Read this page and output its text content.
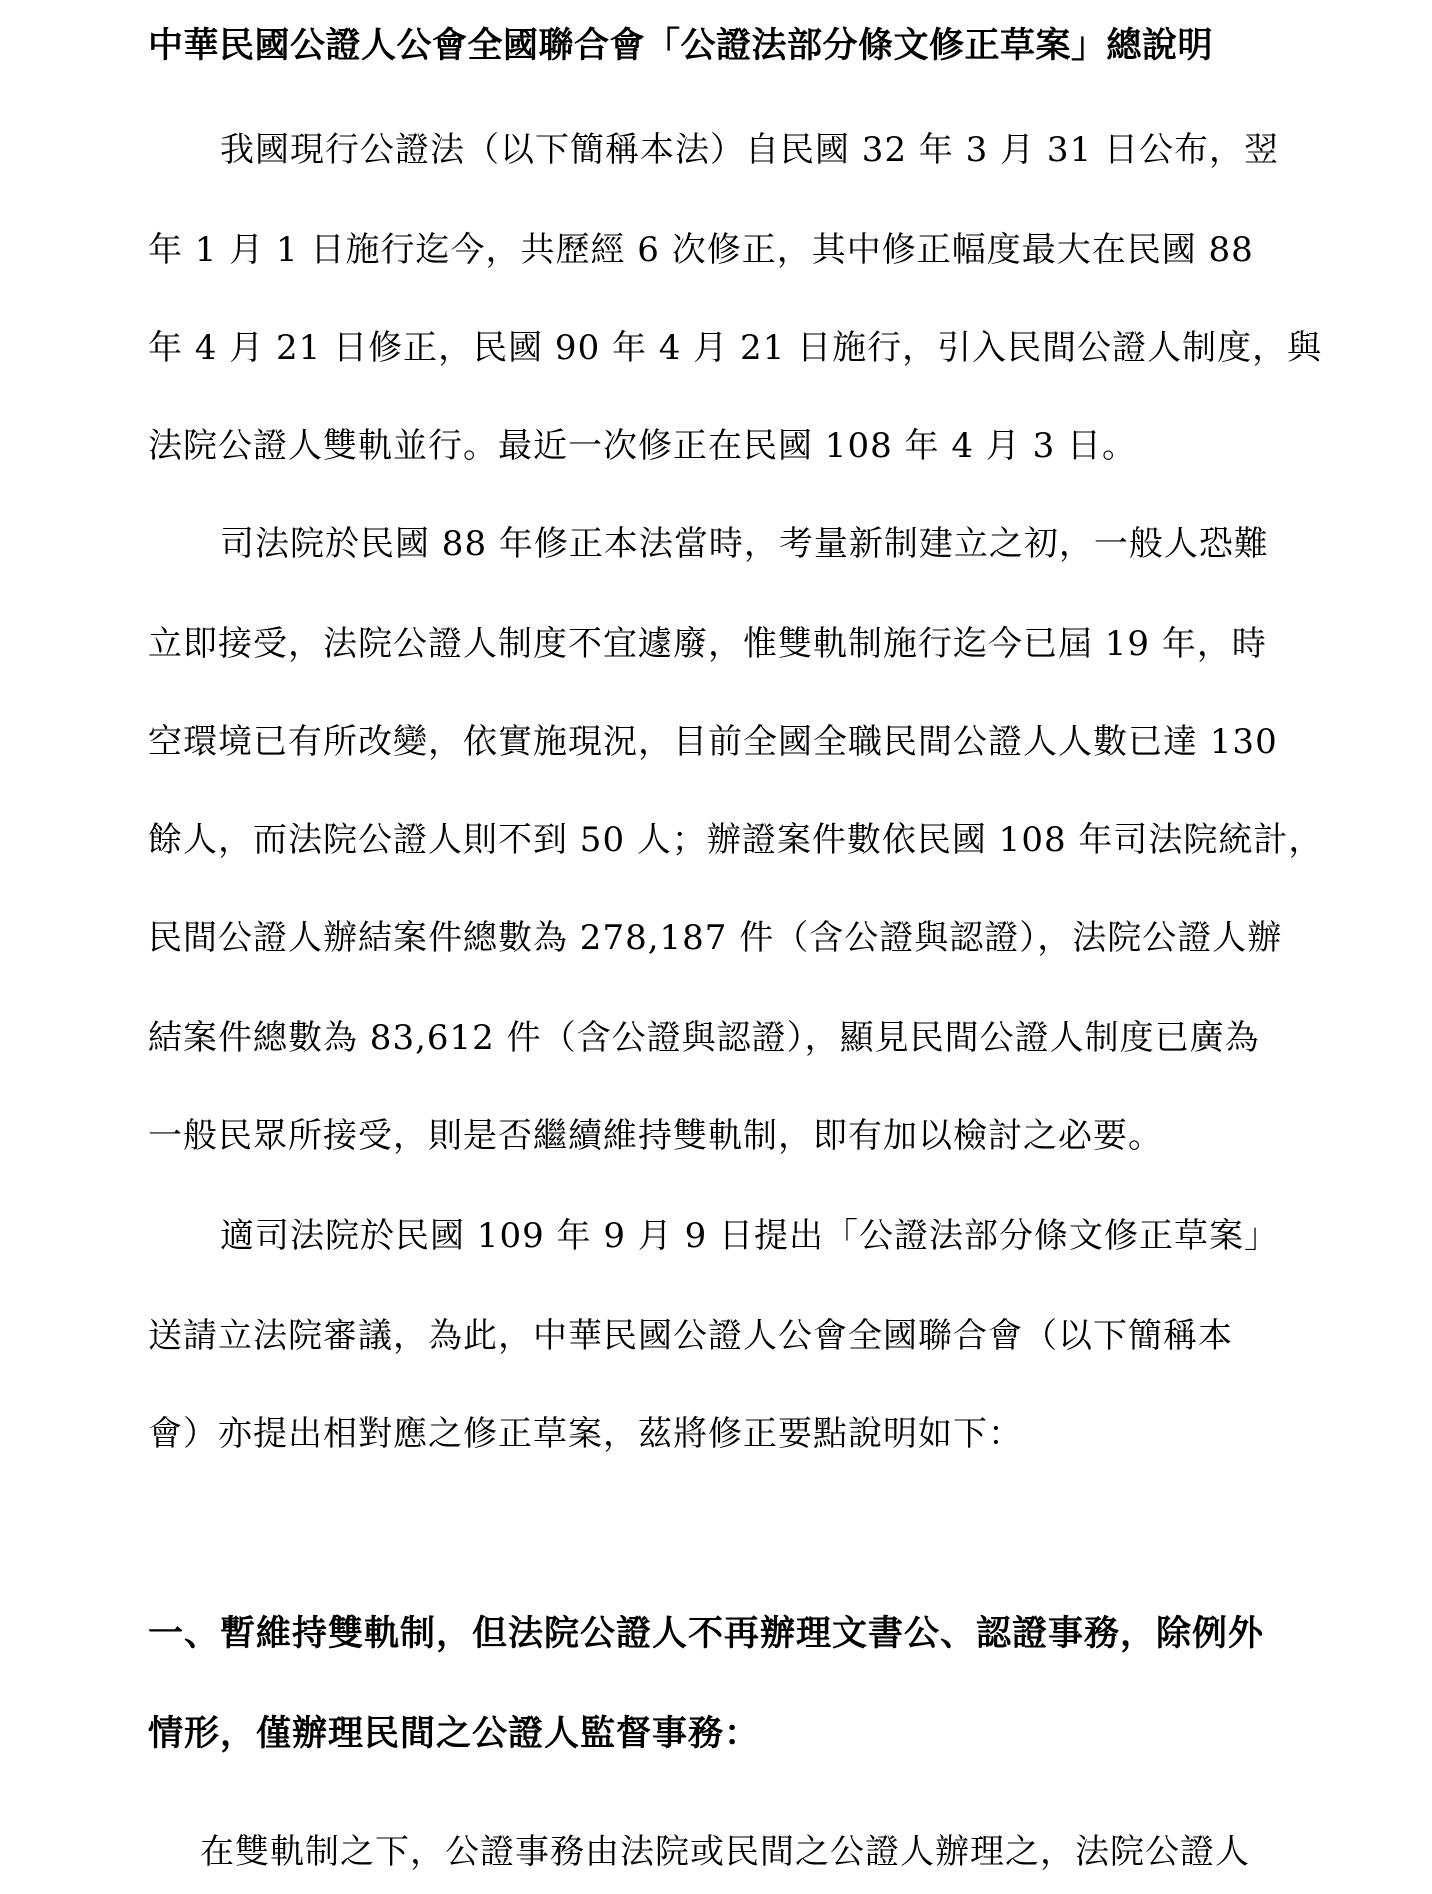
中華民國公證人公會全國聯合會「公證法部分條文修正草案」總說明
我國現行公證法（以下簡稱本法）自民國 32 年 3 月 31 日公布，翌
年 1 月 1 日施行迄今，共歷經 6 次修正，其中修正幅度最大在民國 88
年 4 月 21 日修正，民國 90 年 4 月 21 日施行，引入民間公證人制度，與
法院公證人雙軌並行。最近一次修正在民國 108 年 4 月 3 日。
司法院於民國 88 年修正本法當時，考量新制建立之初，一般人恐難
立即接受，法院公證人制度不宜遽廢，惟雙軌制施行迄今已屆 19 年，時
空環境已有所改變，依實施現況，目前全國全職民間公證人人數已達 130
餘人，而法院公證人則不到 50 人；辦證案件數依民國 108 年司法院統計，
民間公證人辦結案件總數為 278,187 件（含公證與認證），法院公證人辦
結案件總數為 83,612 件（含公證與認證），顯見民間公證人制度已廣為
一般民眾所接受，則是否繼續維持雙軌制，即有加以檢討之必要。
適司法院於民國 109 年 9 月 9 日提出「公證法部分條文修正草案」
送請立法院審議，為此，中華民國公證人公會全國聯合會（以下簡稱本
會）亦提出相對應之修正草案，茲將修正要點說明如下：
一、暫維持雙軌制，但法院公證人不再辦理文書公、認證事務，除例外
情形，僅辦理民間之公證人監督事務：
在雙軌制之下，公證事務由法院或民間之公證人辦理之，法院公證人
